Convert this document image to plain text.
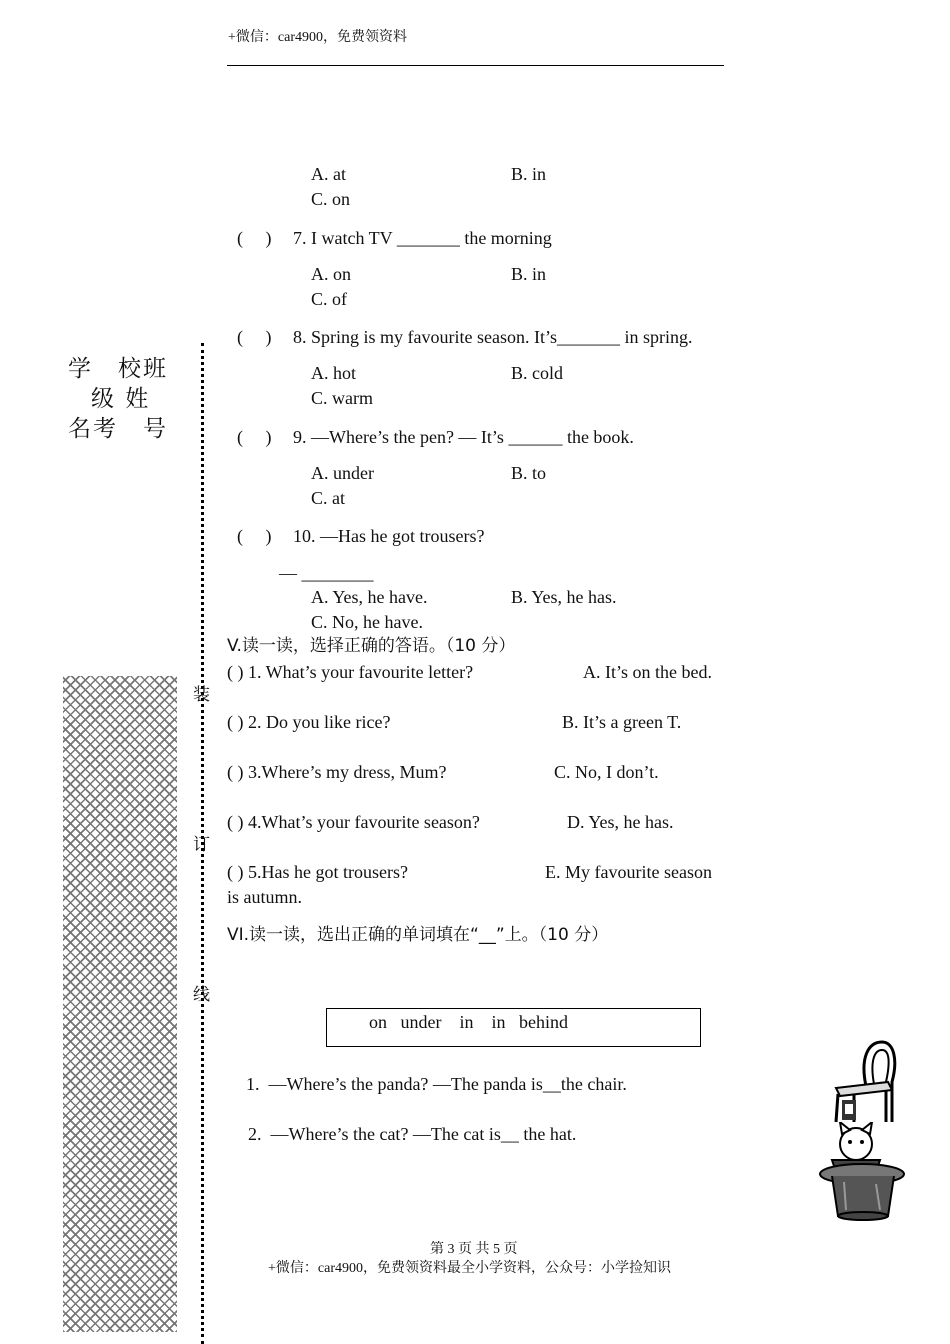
+微信：car4900，免费领资料
学　校班
级 姓
名考　号
装
订
线
A. at	B. in
C. on
(　 ) 7. I watch TV _______ the morning
A. on	B. in
C. of
(　 ) 8. Spring is my favourite season. It’s_______ in spring.
A. hot	B. cold
C. warm
(　 ) 9. —Where’s the pen? — It’s ______ the book.
A. under	B. to
C. at
(　 ) 10. —Has he got trousers?
— ________
A. Yes, he have.	B. Yes, he has.
C. No, he have.
V.读一读，选择正确的答语。（10 分）
( ) 1. What’s your favourite letter?	A. It’s on the bed.
( ) 2. Do you like rice?	B. It’s a green T.
( ) 3.Where’s my dress, Mum?	C. No, I don’t.
( ) 4.What’s your favourite season?	D. Yes, he has.
( ) 5.Has he got trousers?	E. My favourite season
is autumn.
VI.读一读，选出正确的单词填在“__”上。（10 分）
on   under    in    in   behind
1.  —Where’s the panda? —The panda is__the chair.
2.  —Where’s the cat? —The cat is__ the hat.
第 3 页 共 5 页
+微信：car4900，免费领资料最全小学资料，公众号：小学捡知识
